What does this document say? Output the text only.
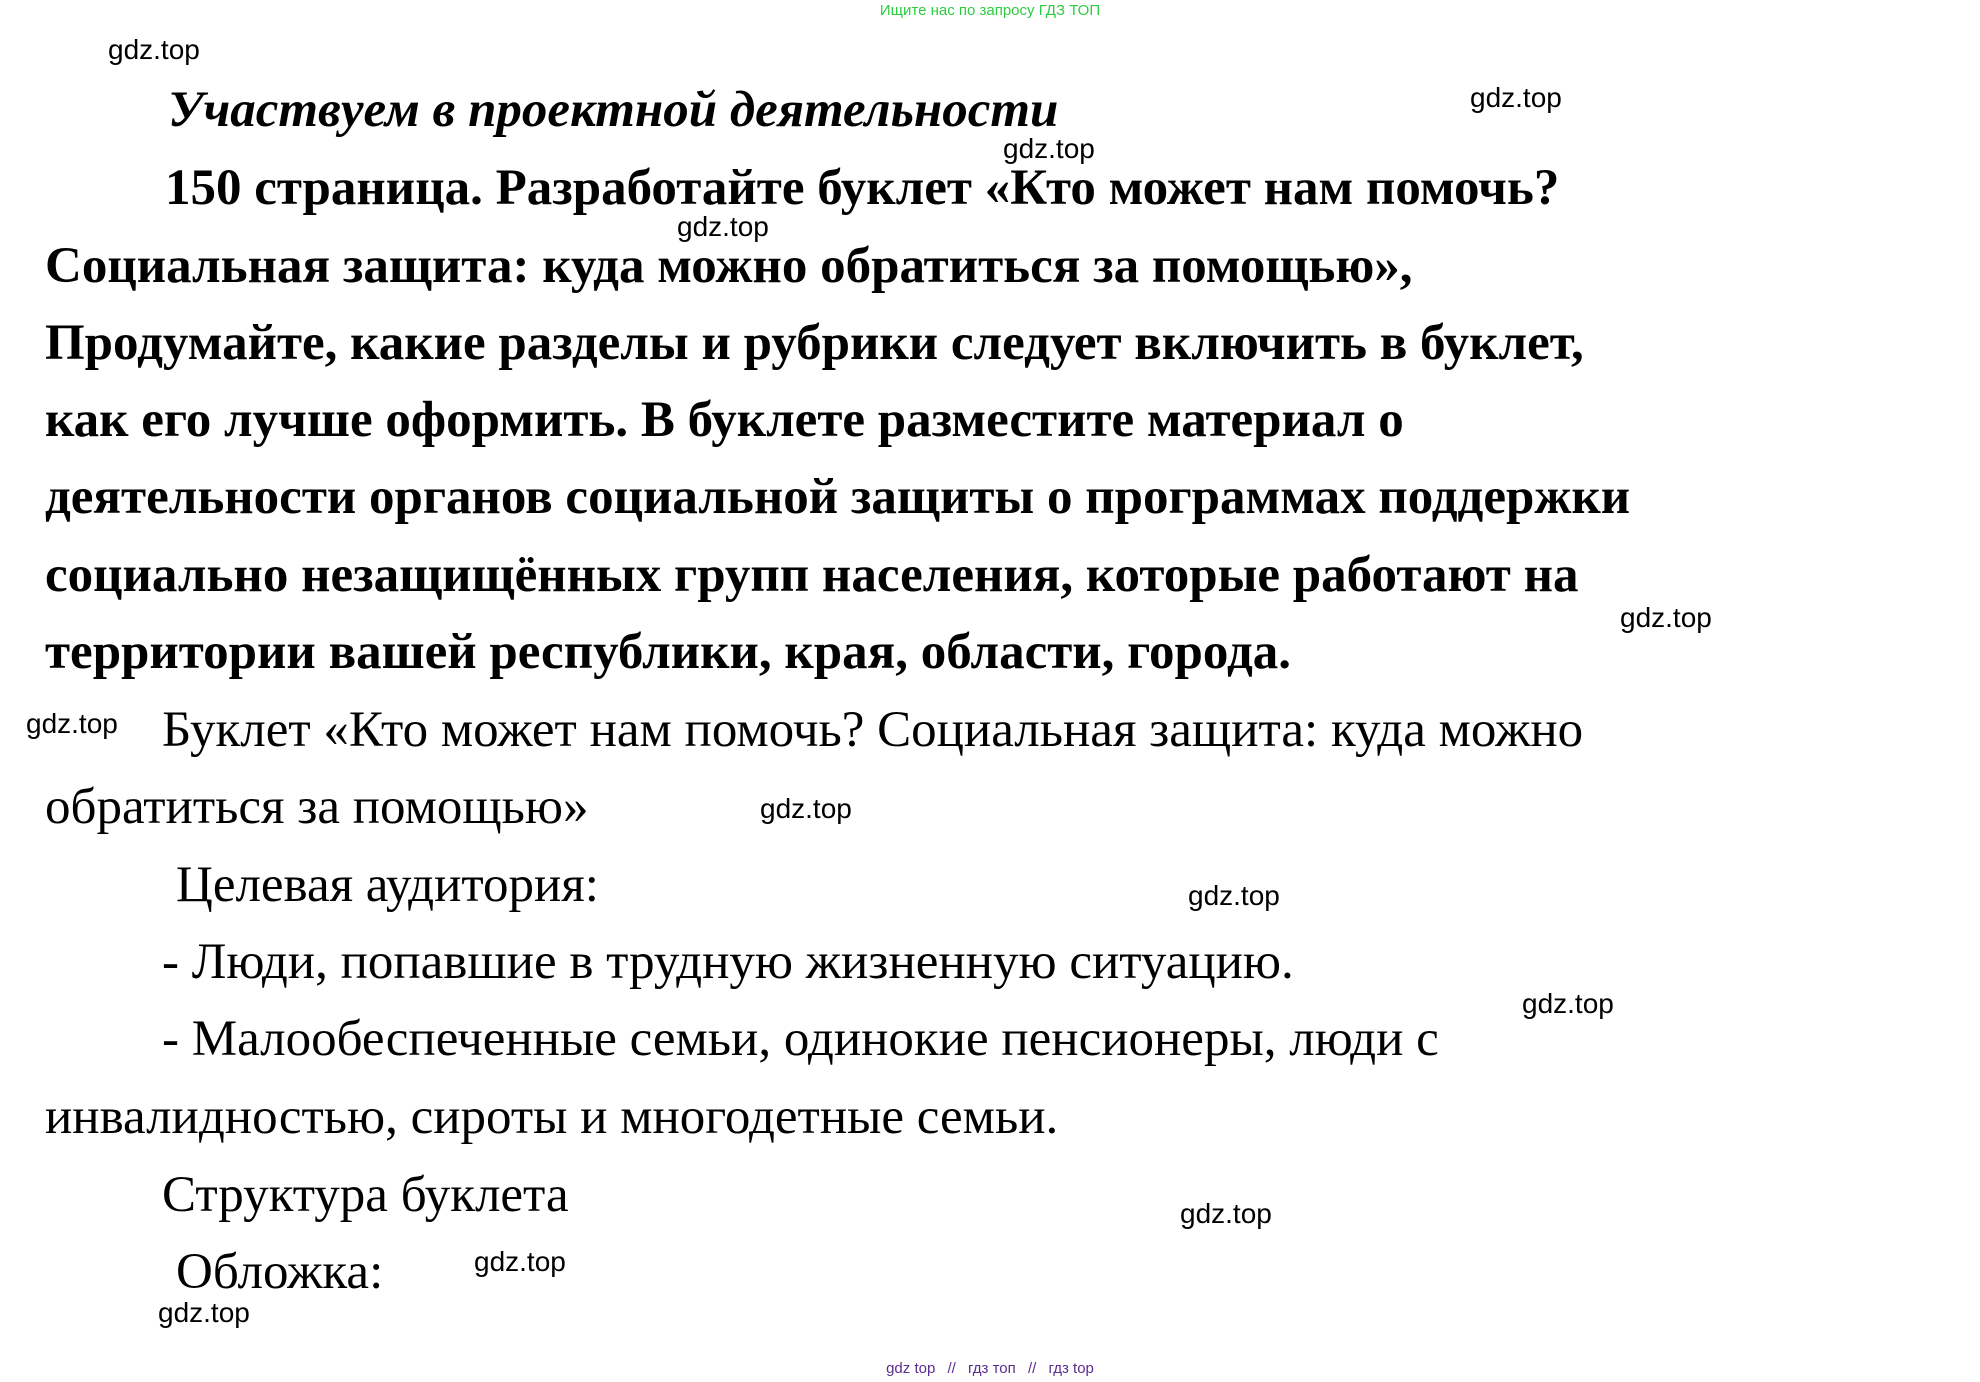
Ищите нас по запросу ГДЗ ТОП
gdz.top
gdz.top
gdz.top
gdz.top
gdz.top
gdz.top
gdz.top
gdz.top
gdz.top
gdz.top
gdz.top
gdz.top
Участвуем в проектной деятельности
150 страница. Разработайте буклет «Кто может нам помочь?
Социальная защита: куда можно обратиться за помощью»,
Продумайте, какие разделы и рубрики следует включить в буклет,
как его лучше оформить. В буклете разместите материал о
деятельности органов социальной защиты о программах поддержки
социально незащищённых групп населения, которые работают на
территории вашей республики, края, области, города.
Буклет «Кто может нам помочь? Социальная защита: куда можно
обратиться за помощью»
Целевая аудитория:
- Люди, попавшие в трудную жизненную ситуацию.
- Малообеспеченные семьи, одинокие пенсионеры, люди с
инвалидностью, сироты и многодетные семьи.
Структура буклета
Обложка:
gdz top // гдз топ // гдз top
